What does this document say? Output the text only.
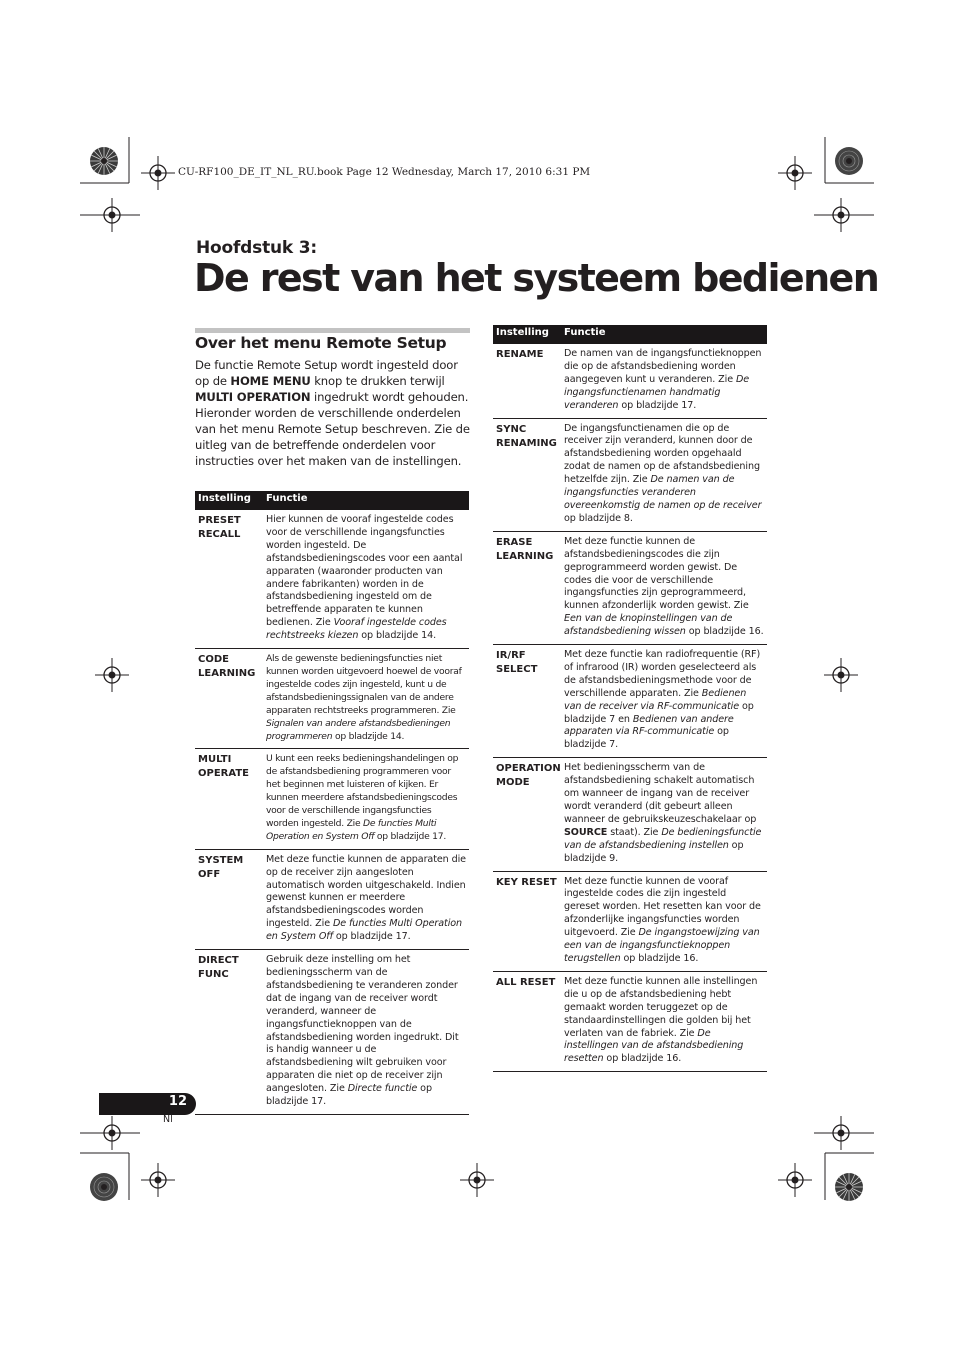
CU-RF100_DE_IT_NL_RU.book Page 12 Wednesday, March 17, 2010 6:31 PM
Hoofdstuk 3:
De rest van het systeem bedienen
Over het menu Remote Setup
De functie Remote Setup wordt ingesteld door op de HOME MENU knop te drukken terwijl MULTI OPERATION ingedrukt wordt gehouden. Hieronder worden de verschillende onderdelen van het menu Remote Setup beschreven. Zie de uitleg van de betreffende onderdelen voor instructies over het maken van de instellingen.
Instelling	Functie
PRESET
RECALL	Hier kunnen de vooraf ingestelde codes voor de verschillende ingangsfuncties worden ingesteld. De afstandsbedieningscodes voor een aantal apparaten (waaronder producten van andere fabrikanten) worden in de afstandsbediening ingesteld om de betreffende apparaten te kunnen bedienen. Zie Vooraf ingestelde codes rechtstreeks kiezen op bladzijde 14.
CODE
LEARNING	Als de gewenste bedieningsfuncties niet kunnen worden uitgevoerd hoewel de vooraf ingestelde codes zijn ingesteld, kunt u de afstandsbedieningssignalen van de andere apparaten rechtstreeks programmeren. Zie Signalen van andere afstandsbedieningen programmeren op bladzijde 14.
MULTI
OPERATE	U kunt een reeks bedieningshandelingen op de afstandsbediening programmeren voor het beginnen met luisteren of kijken. Er kunnen meerdere afstandsbedieningscodes voor de verschillende ingangsfuncties worden ingesteld. Zie De functies Multi Operation en System Off op bladzijde 17.
SYSTEM
OFF	Met deze functie kunnen de apparaten die op de receiver zijn aangesloten automatisch worden uitgeschakeld. Indien gewenst kunnen er meerdere afstandsbedieningscodes worden ingesteld. Zie De functies Multi Operation en System Off op bladzijde 17.
DIRECT
FUNC	Gebruik deze instelling om het bedieningsscherm van de afstandsbediening te veranderen zonder dat de ingang van de receiver wordt veranderd, wanneer de ingangsfunctieknoppen van de afstandsbediening worden ingedrukt. Dit is handig wanneer u de afstandsbediening wilt gebruiken voor apparaten die niet op de receiver zijn aangesloten. Zie Directe functie op bladzijde 17.
Instelling	Functie
RENAME	De namen van de ingangsfunctieknoppen die op de afstandsbediening worden aangegeven kunt u veranderen. Zie De ingangsfunctienamen handmatig veranderen op bladzijde 17.
SYNC
RENAMING	De ingangsfunctienamen die op de receiver zijn veranderd, kunnen door de afstandsbediening worden opgehaald zodat de namen op de afstandsbediening hetzelfde zijn. Zie De namen van de ingangsfuncties veranderen overeenkomstig de namen op de receiver op bladzijde 8.
ERASE
LEARNING	Met deze functie kunnen de afstandsbedieningscodes die zijn geprogrammeerd worden gewist. De codes die voor de verschillende ingangsfuncties zijn geprogrammeerd, kunnen afzonderlijk worden gewist. Zie Een van de knopinstellingen van de afstandsbediening wissen op bladzijde 16.
IR/RF
SELECT	Met deze functie kan radiofrequentie (RF) of infrarood (IR) worden geselecteerd als de afstandsbedieningsmethode voor de verschillende apparaten. Zie Bedienen van de receiver via RF-communicatie op bladzijde 7 en Bedienen van andere apparaten via RF-communicatie op bladzijde 7.
OPERATION
MODE	Het bedieningsscherm van de afstandsbediening schakelt automatisch om wanneer de ingang van de receiver wordt veranderd (dit gebeurt alleen wanneer de gebruikskeuzeschakelaar op SOURCE staat). Zie De bedieningsfunctie van de afstandsbediening instellen op bladzijde 9.
KEY RESET	Met deze functie kunnen de vooraf ingestelde codes die zijn ingesteld gereset worden. Het resetten kan voor de afzonderlijke ingangsfuncties worden uitgevoerd. Zie De ingangstoewijzing van een van de ingangsfunctieknoppen terugstellen op bladzijde 16.
ALL RESET	Met deze functie kunnen alle instellingen die u op de afstandsbediening hebt gemaakt worden teruggezet op de standaardinstellingen die golden bij het verlaten van de fabriek. Zie De instellingen van de afstandsbediening resetten op bladzijde 16.
12
Nl
